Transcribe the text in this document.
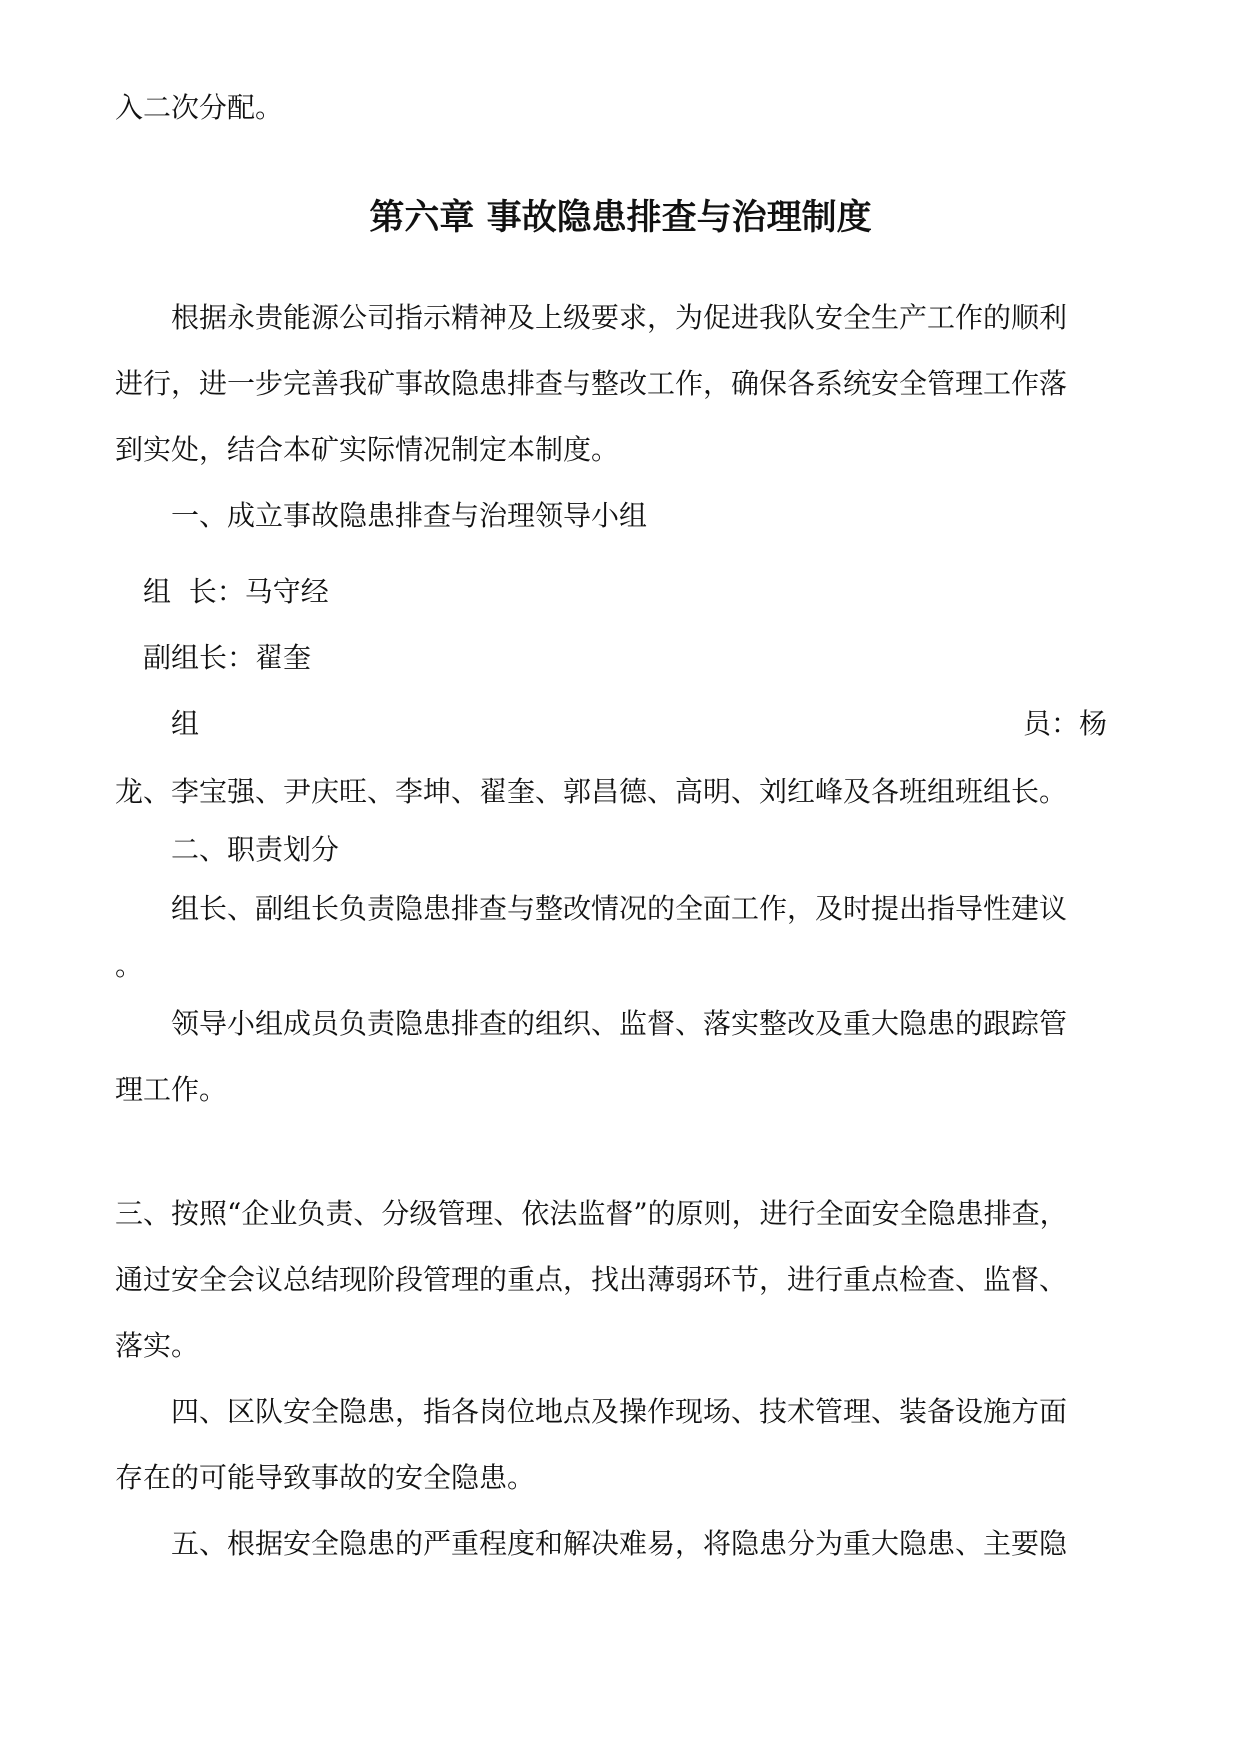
入二次分配。
第六章 事故隐患排查与治理制度
根据永贵能源公司指示精神及上级要求，为促进我队安全生产工作的顺利
进行，进一步完善我矿事故隐患排查与整改工作，确保各系统安全管理工作落
到实处，结合本矿实际情况制定本制度。
一、成立事故隐患排查与治理领导小组
组  长：马守经
副组长：翟奎
组	员：杨
龙、李宝强、尹庆旺、李坤、翟奎、郭昌德、高明、刘红峰及各班组班组长。
二、职责划分
组长、副组长负责隐患排查与整改情况的全面工作，及时提出指导性建议
。
领导小组成员负责隐患排查的组织、监督、落实整改及重大隐患的跟踪管
理工作。
三、按照“企业负责、分级管理、依法监督”的原则，进行全面安全隐患排查，
通过安全会议总结现阶段管理的重点，找出薄弱环节，进行重点检查、监督、
落实。
四、区队安全隐患，指各岗位地点及操作现场、技术管理、装备设施方面
存在的可能导致事故的安全隐患。
五、根据安全隐患的严重程度和解决难易，将隐患分为重大隐患、主要隐
